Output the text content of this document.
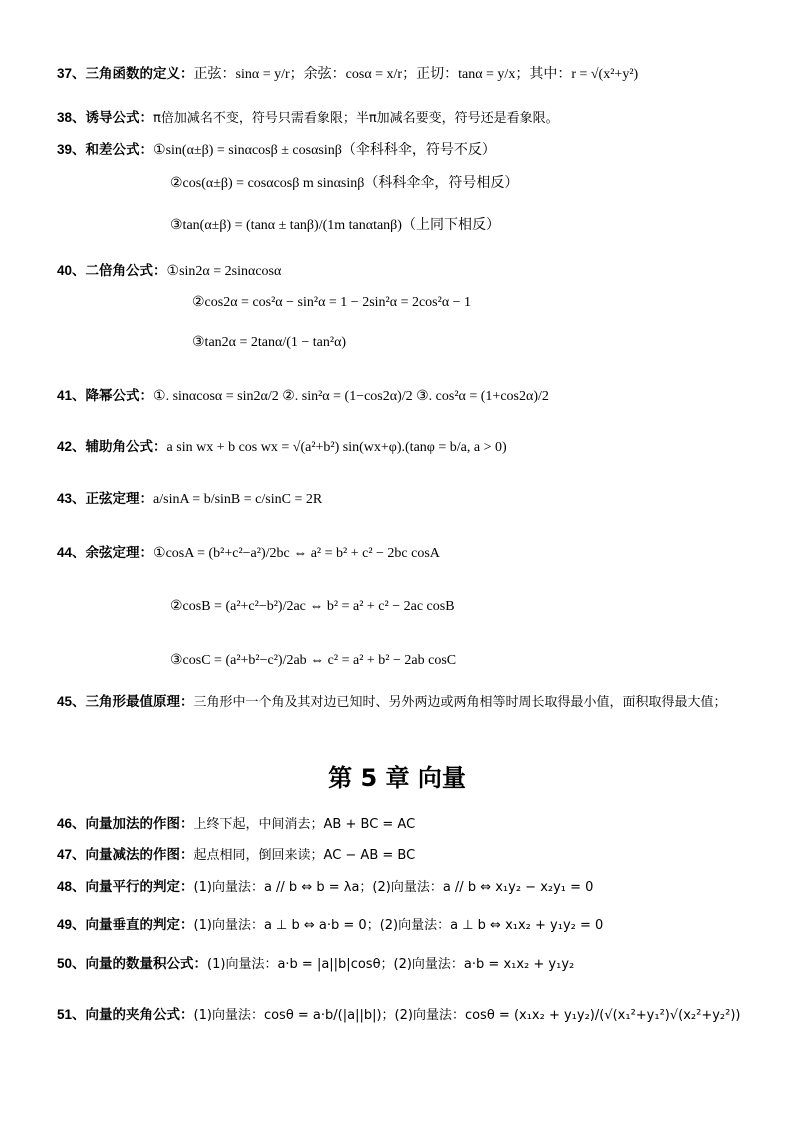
37、三角函数的定义：正弦：sinα = y/r；余弦：cosα = x/r；正切：tanα = y/x；其中：r = √(x²+y²)
38、诱导公式：π倍加减名不变，符号只需看象限；半π加减名要变，符号还是看象限。
39、和差公式：①sin(α±β) = sinαcosβ ± cosαsinβ（伞科科伞，符号不反）
②cos(α±β) = cosαcosβ m sinαsinβ（科科伞伞，符号相反）
③tan(α±β) = (tanα ± tanβ)/(1m tanαtanβ)（上同下相反）
40、二倍角公式：①sin2α = 2sinαcosα
②cos2α = cos²α − sin²α = 1 − 2sin²α = 2cos²α − 1
③tan2α = 2tanα/(1 − tan²α)
41、降幂公式：①. sinαcosα = sin2α/2 ②. sin²α = (1−cos2α)/2 ③. cos²α = (1+cos2α)/2
42、辅助角公式：a sin wx + b cos wx = √(a²+b²) sin(wx+φ).(tanφ = b/a, a > 0)
43、正弦定理：a/sinA = b/sinB = c/sinC = 2R
44、余弦定理：①cosA = (b²+c²−a²)/2bc ⇔ a² = b² + c² − 2bc cosA
②cosB = (a²+c²−b²)/2ac ⇔ b² = a² + c² − 2ac cosB
③cosC = (a²+b²−c²)/2ab ⇔ c² = a² + b² − 2ab cosC
45、三角形最值原理：三角形中一个角及其对边已知时、另外两边或两角相等时周长取得最小值，面积取得最大值；
第 5 章 向量
46、向量加法的作图：上终下起，中间消去；AB + BC = AC
47、向量减法的作图：起点相同，倒回来读；AC − AB = BC
48、向量平行的判定：(1)向量法：a // b ⇔ b = λa；(2)向量法：a // b ⇔ x₁y₂ − x₂y₁ = 0
49、向量垂直的判定：(1)向量法：a ⊥ b ⇔ a·b = 0；(2)向量法：a ⊥ b ⇔ x₁x₂ + y₁y₂ = 0
50、向量的数量积公式：(1)向量法：a·b = |a||b|cosθ；(2)向量法：a·b = x₁x₂ + y₁y₂
51、向量的夹角公式：(1)向量法：cosθ = a·b/(|a||b|)；(2)向量法：cosθ = (x₁x₂ + y₁y₂)/(√(x₁²+y₁²)√(x₂²+y₂²))
